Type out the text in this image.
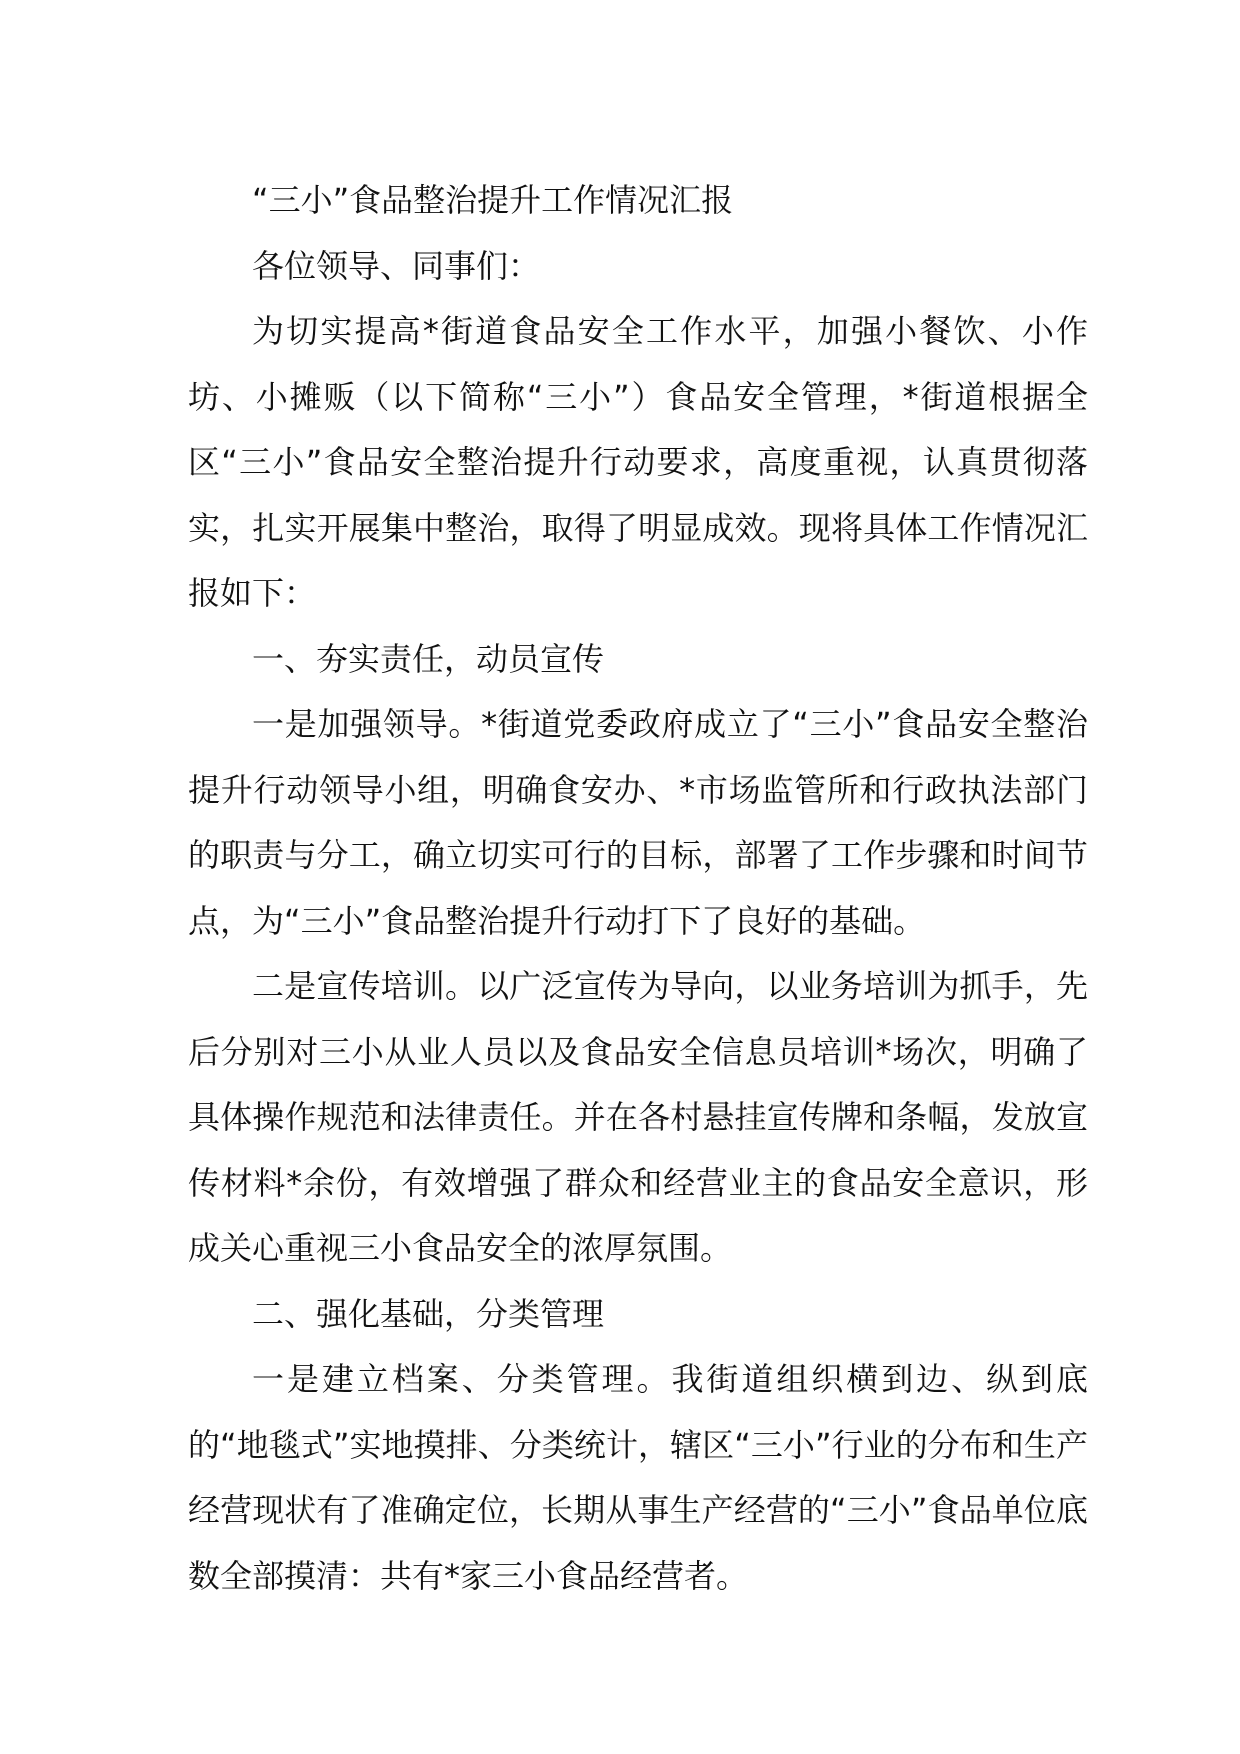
“三小”食品整治提升工作情况汇报

各位领导、同事们：

为切实提高*街道食品安全工作水平，加强小餐饮、小作坊、小摊贩（以下简称“三小”）食品安全管理，*街道根据全区“三小”食品安全整治提升行动要求，高度重视，认真贯彻落实，扎实开展集中整治，取得了明显成效。现将具体工作情况汇报如下：

一、夯实责任，动员宣传

一是加强领导。*街道党委政府成立了“三小”食品安全整治提升行动领导小组，明确食安办、*市场监管所和行政执法部门的职责与分工，确立切实可行的目标，部署了工作步骤和时间节点，为“三小”食品整治提升行动打下了良好的基础。

二是宣传培训。以广泛宣传为导向，以业务培训为抓手，先后分别对三小从业人员以及食品安全信息员培训*场次，明确了具体操作规范和法律责任。并在各村悬挂宣传牌和条幅，发放宣传材料*余份，有效增强了群众和经营业主的食品安全意识，形成关心重视三小食品安全的浓厚氛围。

二、强化基础，分类管理

一是建立档案、分类管理。我街道组织横到边、纵到底的“地毯式”实地摸排、分类统计，辖区“三小”行业的分布和生产经营现状有了准确定位，长期从事生产经营的“三小”食品单位底数全部摸清：共有*家三小食品经营者。
